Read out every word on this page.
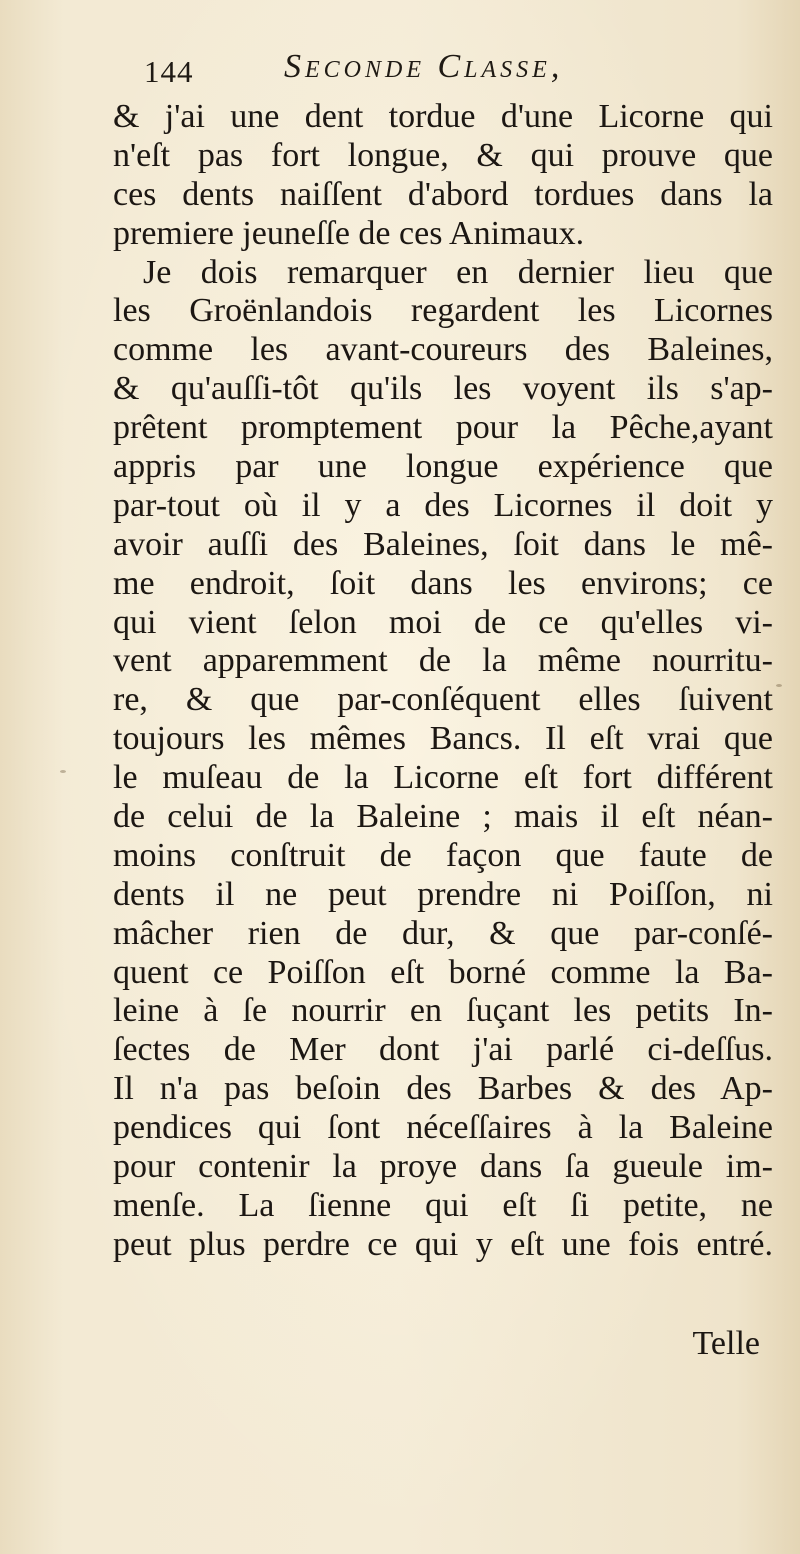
144	Seconde Classe,
& j'ai une dent tordue d'une Licorne qui
n'eſt pas fort longue, & qui prouve que
ces dents naiſſent d'abord tordues dans la
premiere jeuneſſe de ces Animaux.
Je dois remarquer en dernier lieu que
les Groënlandois regardent les Licornes
comme les avant-coureurs des Baleines,
& qu'auſſi-tôt qu'ils les voyent ils s'ap-
prêtent promptement pour la Pêche,ayant
appris par une longue expérience que
par-tout où il y a des Licornes il doit y
avoir auſſi des Baleines, ſoit dans le mê-
me endroit, ſoit dans les environs; ce
qui vient ſelon moi de ce qu'elles vi-
vent apparemment de la même nourritu-
re, & que par-conſéquent elles ſuivent
toujours les mêmes Bancs. Il eſt vrai que
le muſeau de la Licorne eſt fort différent
de celui de la Baleine ; mais il eſt néan-
moins conſtruit de façon que faute de
dents il ne peut prendre ni Poiſſon, ni
mâcher rien de dur, & que par-conſé-
quent ce Poiſſon eſt borné comme la Ba-
leine à ſe nourrir en ſuçant les petits In-
ſectes de Mer dont j'ai parlé ci-deſſus.
Il n'a pas beſoin des Barbes & des Ap-
pendices qui ſont néceſſaires à la Baleine
pour contenir la proye dans ſa gueule im-
menſe. La ſienne qui eſt ſi petite, ne
peut plus perdre ce qui y eſt une fois entré.
Telle
